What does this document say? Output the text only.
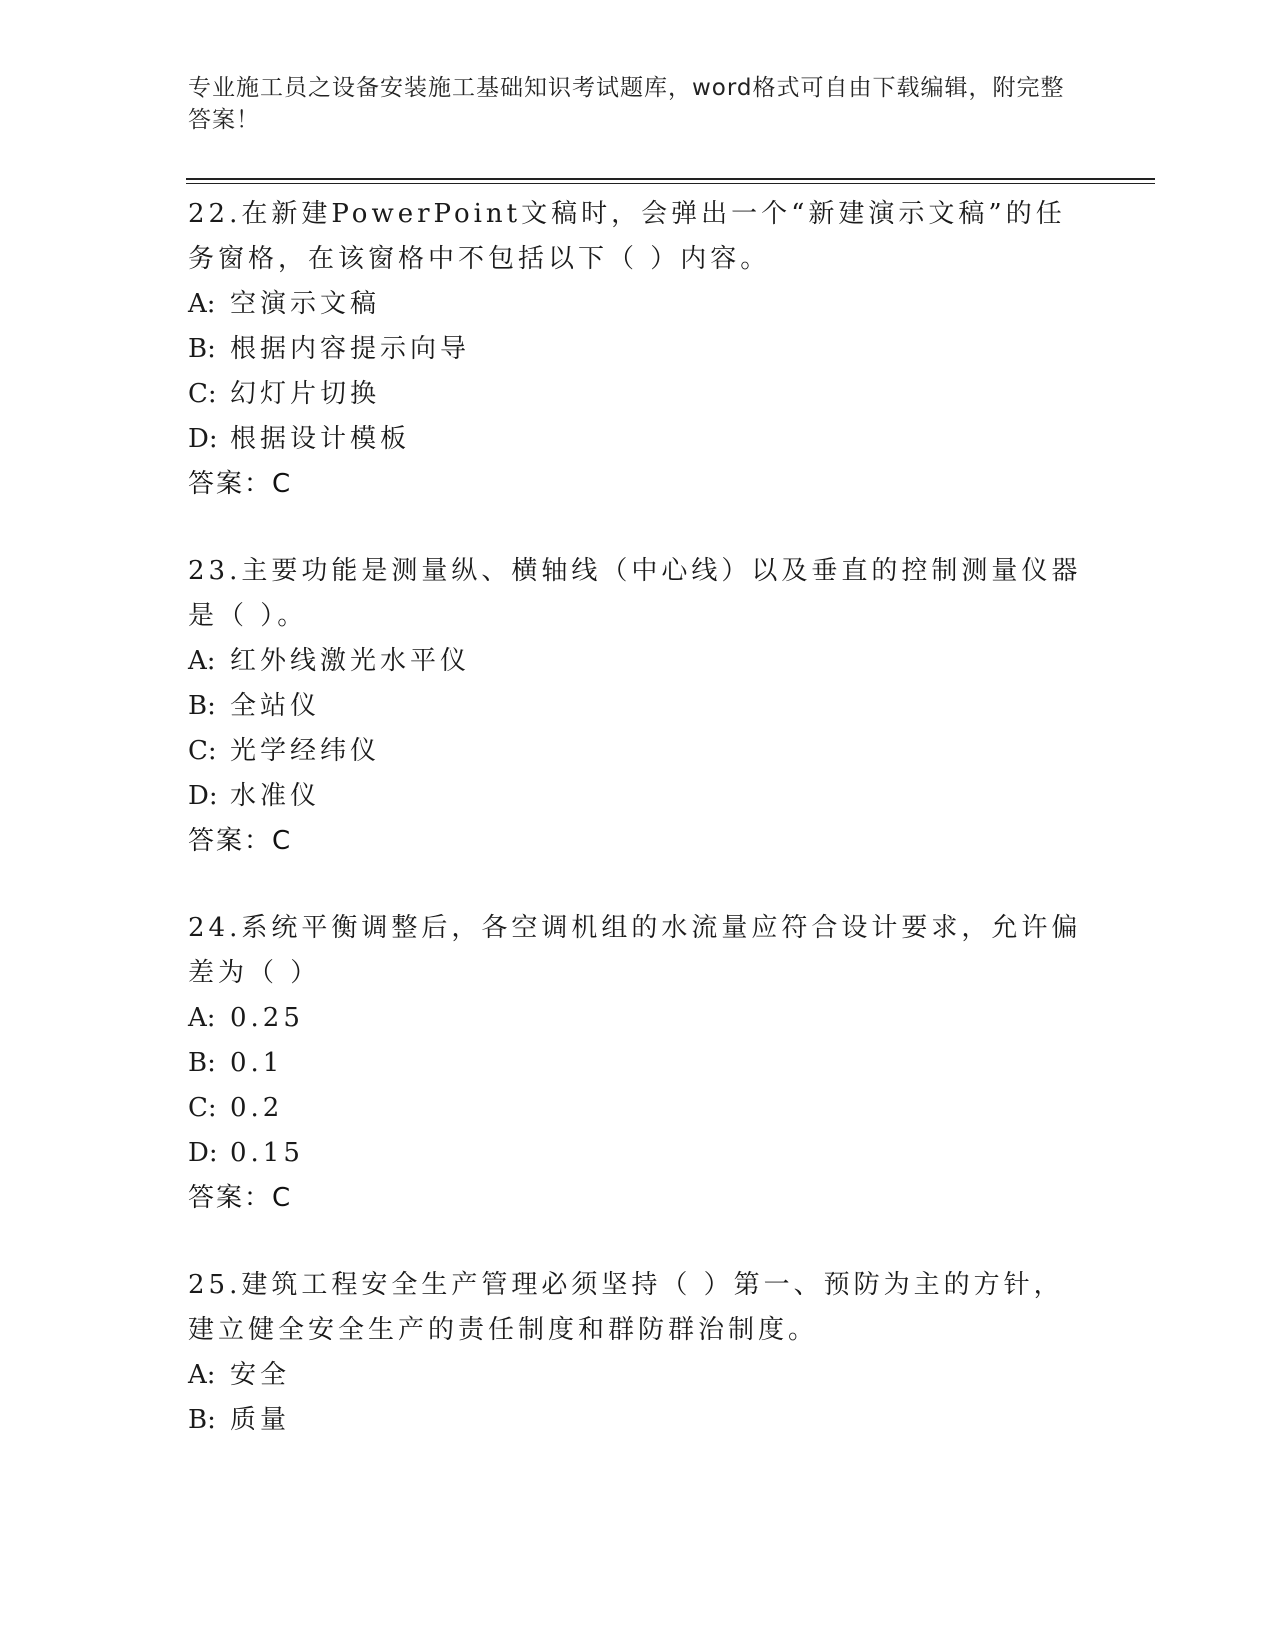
专业施工员之设备安装施工基础知识考试题库，word格式可自由下载编辑，附完整答案！
22.在新建PowerPoint文稿时，会弹出一个“新建演示文稿”的任务窗格，在该窗格中不包括以下（ ）内容。
A: 空演示文稿
B: 根据内容提示向导
C: 幻灯片切换
D: 根据设计模板
答案：C
23.主要功能是测量纵、横轴线（中心线）以及垂直的控制测量仪器是（ ）。
A: 红外线激光水平仪
B: 全站仪
C: 光学经纬仪
D: 水准仪
答案：C
24.系统平衡调整后，各空调机组的水流量应符合设计要求，允许偏差为（ ）
A: 0.25
B: 0.1
C: 0.2
D: 0.15
答案：C
25.建筑工程安全生产管理必须坚持（ ）第一、预防为主的方针，建立健全安全生产的责任制度和群防群治制度。
A: 安全
B: 质量
